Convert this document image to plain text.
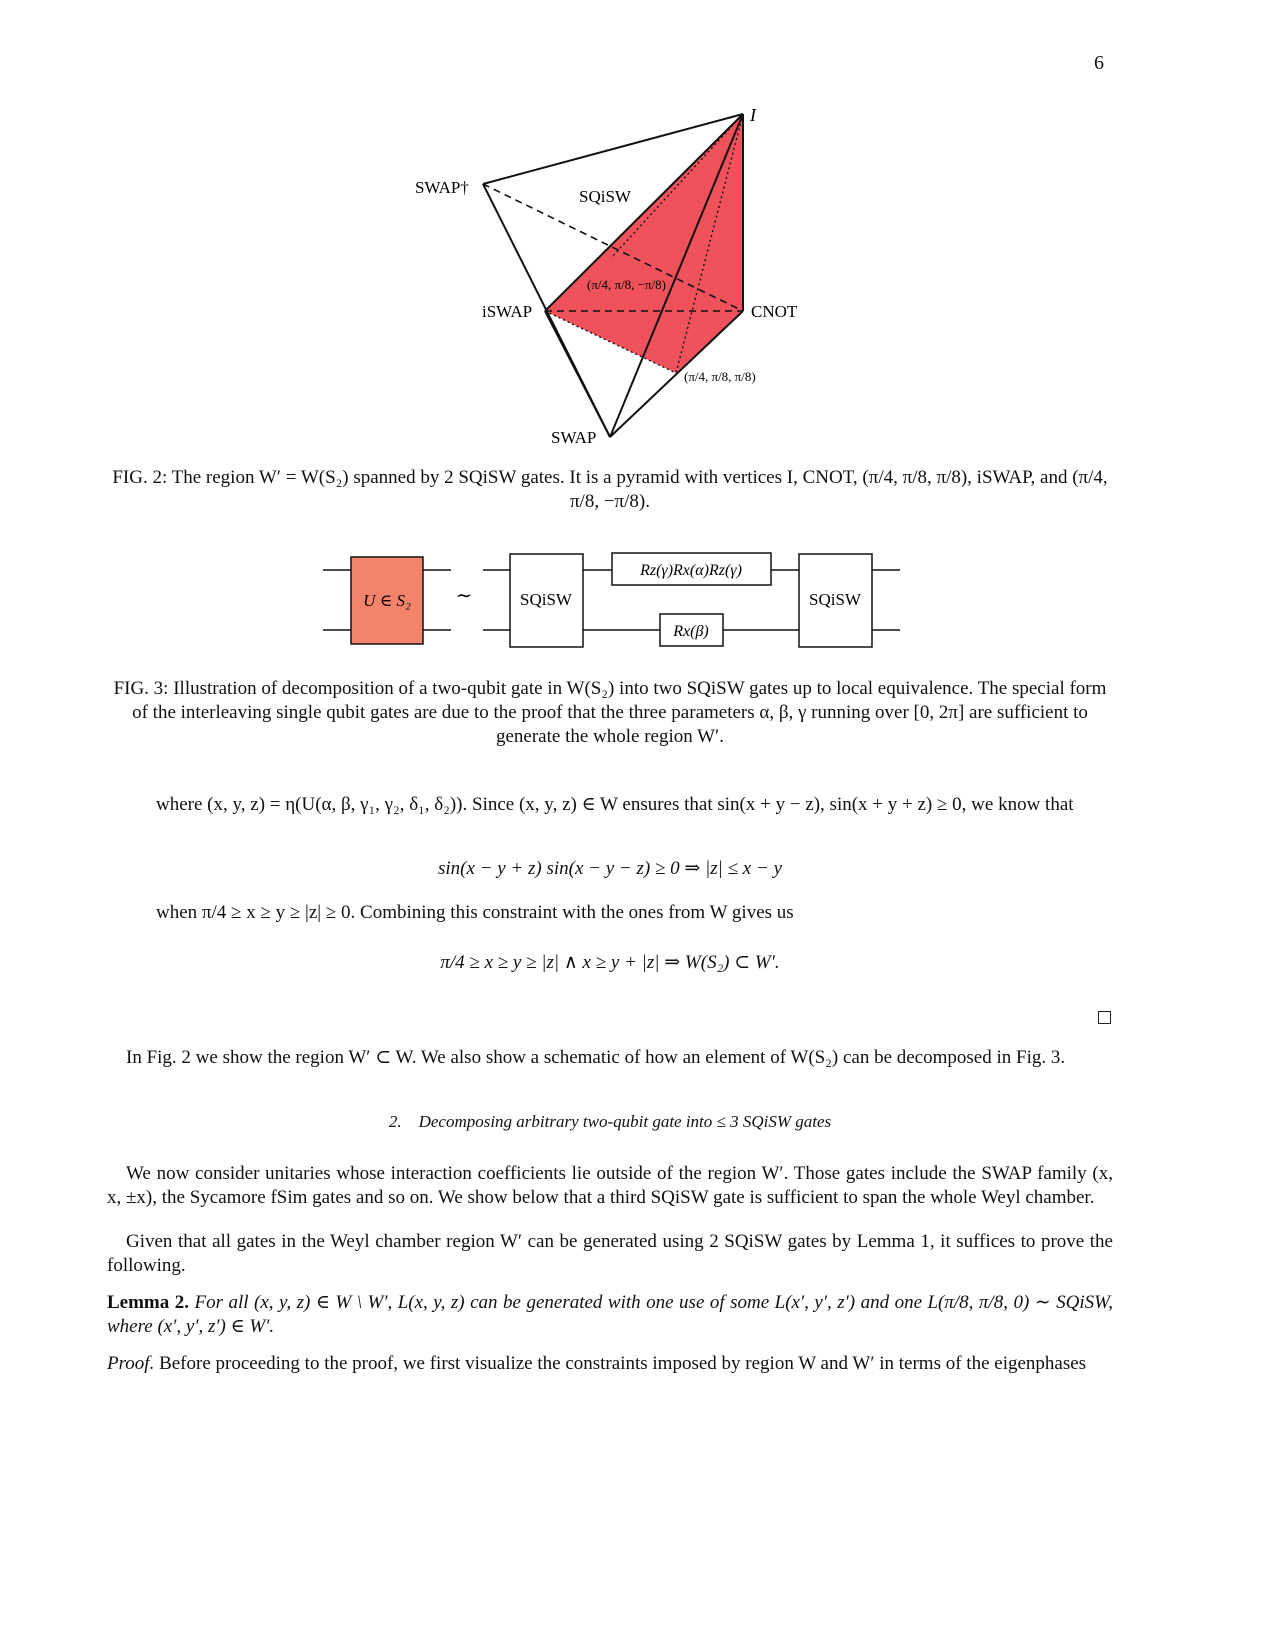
6
I
SWAP†	SQiSW
iSWAP	CNOT
SWAP
(π/4, π/8, −π/8)
(π/4, π/8, π/8)
FIG. 2: The region W′ = W(S₂) spanned by 2 SQiSW gates. It is a pyramid with vertices I, CNOT, (π/4, π/8, π/8), iSWAP, and (π/4, π/8, −π/8).
U ∈ S₂ ∼	SQiSW
Rz(γ)Rx(α)Rz(γ)
Rx(β)
SQiSW
FIG. 3: Illustration of decomposition of a two-qubit gate in W(S₂) into two SQiSW gates up to local equivalence. The special form of the interleaving single qubit gates are due to the proof that the three parameters α, β, γ running over [0, 2π] are sufficient to generate the whole region W′.
where (x, y, z) = η(U(α, β, γ₁, γ₂, δ₁, δ₂)). Since (x, y, z) ∈ W ensures that sin(x + y − z), sin(x + y + z) ≥ 0, we know that
sin(x − y + z) sin(x − y − z) ≥ 0 ⇒ |z| ≤ x − y
when π/4 ≥ x ≥ y ≥ |z| ≥ 0. Combining this constraint with the ones from W gives us
π/4 ≥ x ≥ y ≥ |z| ∧ x ≥ y + |z| ⇒ W(S₂) ⊂ W′.
In Fig. 2 we show the region W′ ⊂ W. We also show a schematic of how an element of W(S₂) can be decomposed in Fig. 3.
2. Decomposing arbitrary two-qubit gate into ≤ 3 SQiSW gates
We now consider unitaries whose interaction coefficients lie outside of the region W′. Those gates include the SWAP family (x, x, ±x), the Sycamore fSim gates and so on. We show below that a third SQiSW gate is sufficient to span the whole Weyl chamber.
Given that all gates in the Weyl chamber region W′ can be generated using 2 SQiSW gates by Lemma 1, it suffices to prove the following.
Lemma 2. For all (x, y, z) ∈ W \ W′, L(x, y, z) can be generated with one use of some L(x′, y′, z′) and one L(π/8, π/8, 0) ∼ SQiSW, where (x′, y′, z′) ∈ W′.
Proof. Before proceeding to the proof, we first visualize the constraints imposed by region W and W′ in terms of the eigenphases
